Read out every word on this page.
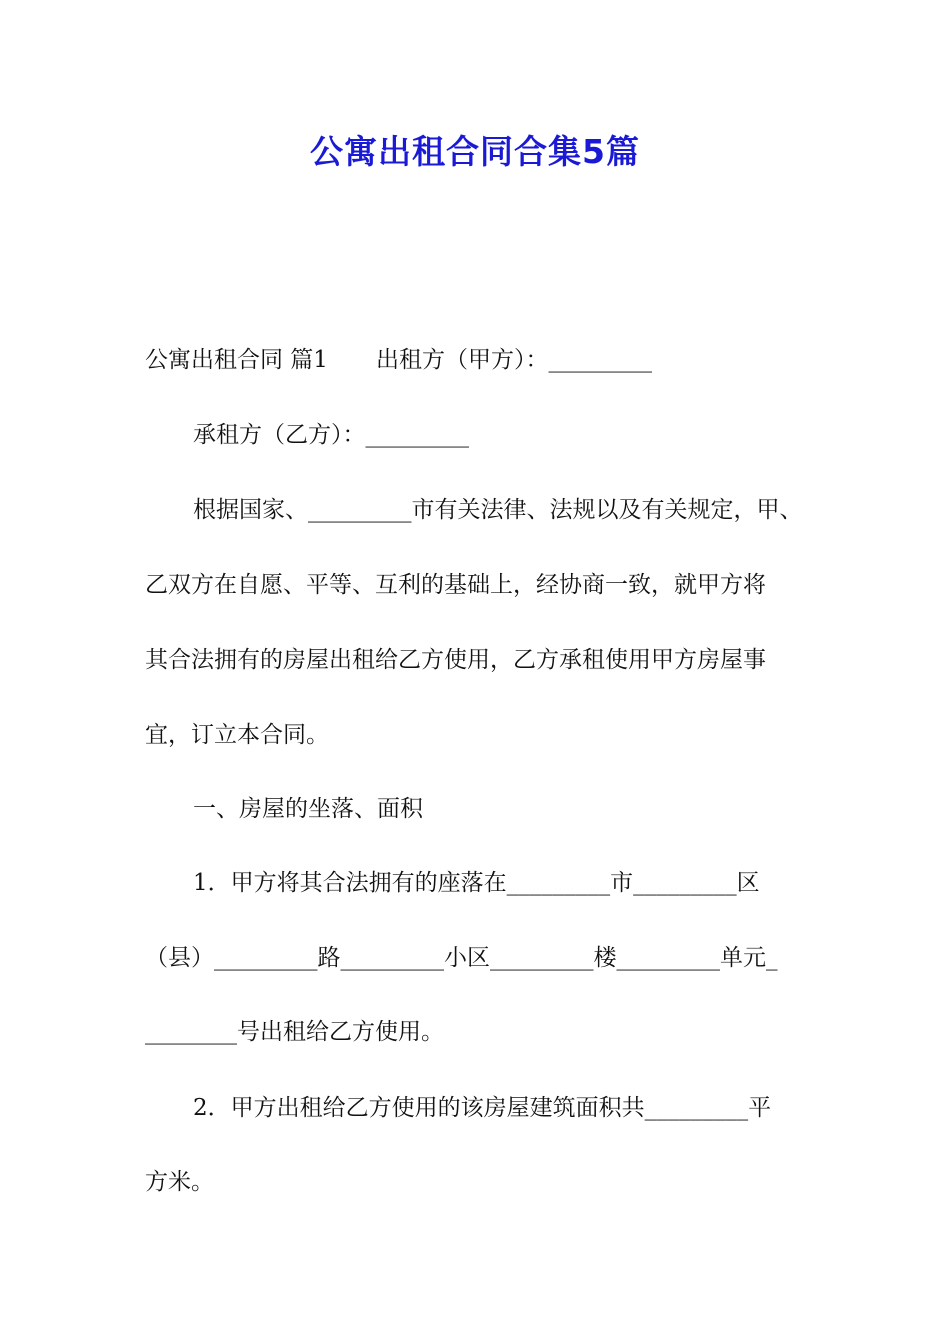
公寓出租合同合集5篇
公寓出租合同 篇1 出租方（甲方）：_________
承租方（乙方）：_________
根据国家、_________市有关法律、法规以及有关规定，甲、
乙双方在自愿、平等、互利的基础上，经协商一致，就甲方将
其合法拥有的房屋出租给乙方使用，乙方承租使用甲方房屋事
宜，订立本合同。
一、房屋的坐落、面积
1．甲方将其合法拥有的座落在_________市_________区
（县）_________路_________小区_________楼_________单元_
________号出租给乙方使用。
2．甲方出租给乙方使用的该房屋建筑面积共_________平
方米。
